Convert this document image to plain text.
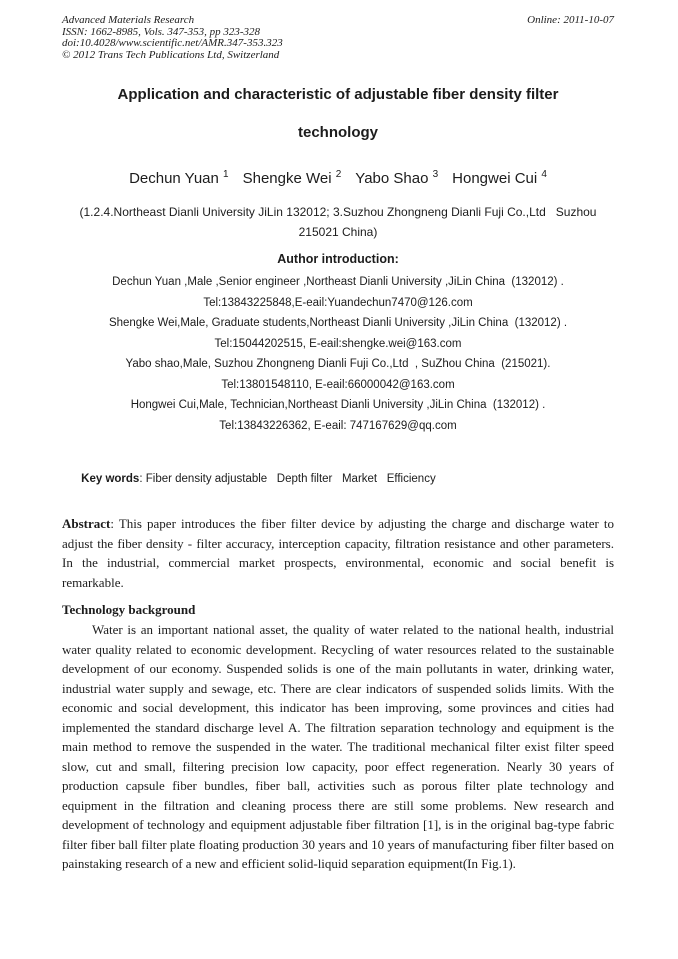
Advanced Materials Research
ISSN: 1662-8985, Vols. 347-353, pp 323-328
doi:10.4028/www.scientific.net/AMR.347-353.323
© 2012 Trans Tech Publications Ltd, Switzerland
Online: 2011-10-07
Application and characteristic of adjustable fiber density filter
technology
Dechun Yuan $^1$ Shengke Wei $^2$ Yabo Shao $^3$ Hongwei Cui $^4$
(1.2.4.Northeast Dianli University JiLin 132012; 3.Suzhou Zhongneng Dianli Fuji Co.,Ltd   Suzhou 215021 China)
Author introduction:
Dechun Yuan ,Male ,Senior engineer ,Northeast Dianli University ,JiLin China  (132012) .
Tel:13843225848,E-eail:Yuandechun7470@126.com
Shengke Wei,Male, Graduate students,Northeast Dianli University ,JiLin China  (132012) .
Tel:15044202515, E-eail:shengke.wei@163.com
Yabo shao,Male, Suzhou Zhongneng Dianli Fuji Co.,Ltd  , SuZhou China  (215021).
Tel:13801548110, E-eail:66000042@163.com
Hongwei Cui,Male, Technician,Northeast Dianli University ,JiLin China  (132012) .
Tel:13843226362, E-eail: 747167629@qq.com

Key words: Fiber density adjustable   Depth filter   Market   Efficiency

Abstract: This paper introduces the fiber filter device by adjusting the charge and discharge water to adjust the fiber density - filter accuracy, interception capacity, filtration resistance and other parameters. In the industrial, commercial market prospects, environmental, economic and social benefit is remarkable.
Technology background
Water is an important national asset, the quality of water related to the national health, industrial water quality related to economic development. Recycling of water resources related to the sustainable development of our economy. Suspended solids is one of the main pollutants in water, drinking water, industrial water supply and sewage, etc. There are clear indicators of suspended solids limits. With the economic and social development, this indicator has been improving, some provinces and cities had implemented the standard discharge level A. The filtration separation technology and equipment is the main method to remove the suspended in the water. The traditional mechanical filter exist filter speed slow, cut and small, filtering precision low capacity, poor effect regeneration. Nearly 30 years of production capsule fiber bundles, fiber ball, activities such as porous filter plate technology and equipment in the filtration and cleaning process there are still some problems. New research and development of technology and equipment adjustable fiber filtration [1], is in the original bag-type fabric filter fiber ball filter plate floating production 30 years and 10 years of manufacturing fiber filter based on painstaking research of a new and efficient solid-liquid separation equipment(In Fig.1).
